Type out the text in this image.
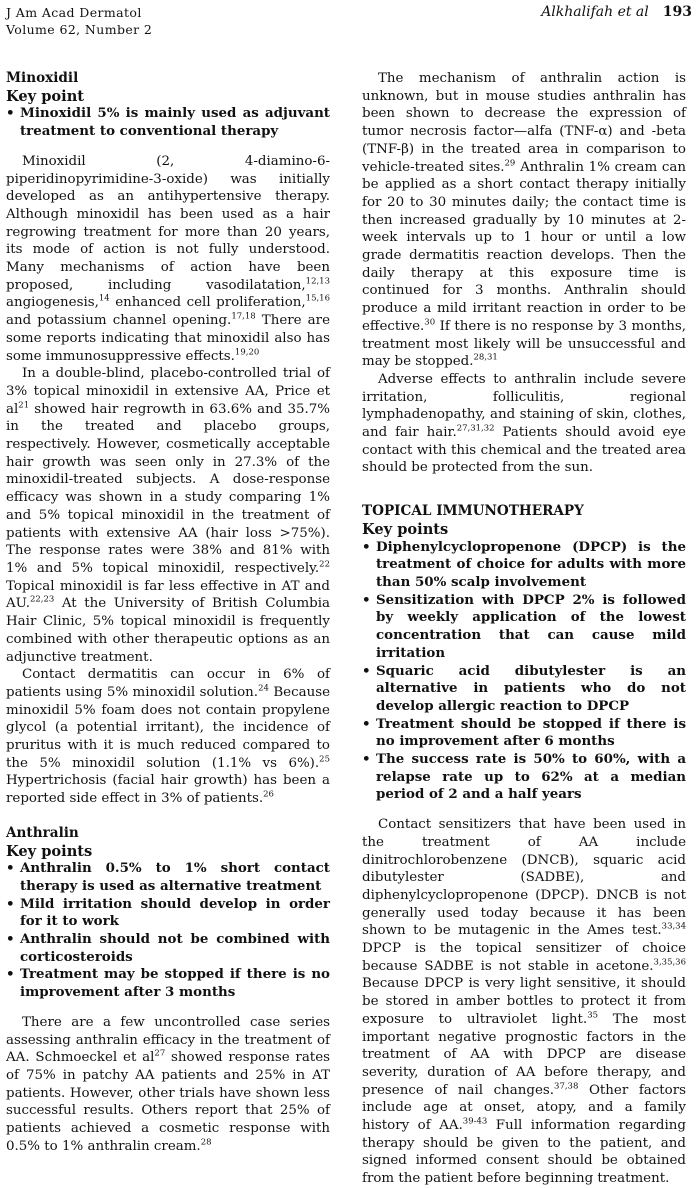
J Am Acad Dermatol
Volume 62, Number 2
Alkhalifah et al 193
Minoxidil
Key point
• Minoxidil 5% is mainly used as adjuvant treatment to conventional therapy

Minoxidil (2, 4-diamino-6-piperidinopyrimidine-3-oxide) was initially developed as an antihypertensive therapy. Although minoxidil has been used as a hair regrowing treatment for more than 20 years, its mode of action is not fully understood. Many mechanisms of action have been proposed, including vasodilatation,$^{12,13}$ angiogenesis,$^{14}$ enhanced cell proliferation,$^{15,16}$ and potassium channel opening.$^{17,18}$ There are some reports indicating that minoxidil also has some immunosuppressive effects.$^{19,20}$

In a double-blind, placebo-controlled trial of 3% topical minoxidil in extensive AA, Price et $al^{21}$ showed hair regrowth in 63.6% and 35.7% in the treated and placebo groups, respectively. However, cosmetically acceptable hair growth was seen only in 27.3% of the minoxidil-treated subjects. A dose-response efficacy was shown in a study comparing 1% and 5% topical minoxidil in the treatment of patients with extensive AA (hair loss >75%). The response rates were 38% and 81% with 1% and 5% topical minoxidil, respectively.$^{22}$ Topical minoxidil is far less effective in AT and AU.$^{22,23}$ At the University of British Columbia Hair Clinic, 5% topical minoxidil is frequently combined with other therapeutic options as an adjunctive treatment.

Contact dermatitis can occur in 6% of patients using 5% minoxidil solution.$^{24}$ Because minoxidil 5% foam does not contain propylene glycol (a potential irritant), the incidence of pruritus with it is much reduced compared to the 5% minoxidil solution (1.1% vs 6%).$^{25}$ Hypertrichosis (facial hair growth) has been a reported side effect in 3% of patients.$^{26}$

Anthralin
Key points
• Anthralin 0.5% to 1% short contact therapy is used as alternative treatment
• Mild irritation should develop in order for it to work
• Anthralin should not be combined with corticosteroids
• Treatment may be stopped if there is no improvement after 3 months

There are a few uncontrolled case series assessing anthralin efficacy in the treatment of AA. Schmoeckel et $al^{27}$ showed response rates of 75% in patchy AA patients and 25% in AT patients. However, other trials have shown less successful results. Others report that 25% of patients achieved a cosmetic response with 0.5% to 1% anthralin cream.$^{28}$

The mechanism of anthralin action is unknown, but in mouse studies anthralin has been shown to decrease the expression of tumor necrosis factor—alfa (TNF-α) and -beta (TNF-β) in the treated area in comparison to vehicle-treated sites.$^{29}$ Anthralin 1% cream can be applied as a short contact therapy initially for 20 to 30 minutes daily; the contact time is then increased gradually by 10 minutes at 2-week intervals up to 1 hour or until a low grade dermatitis reaction develops. Then the daily therapy at this exposure time is continued for 3 months. Anthralin should produce a mild irritant reaction in order to be effective.$^{30}$ If there is no response by 3 months, treatment most likely will be unsuccessful and may be stopped.$^{28,31}$

Adverse effects to anthralin include severe irritation, folliculitis, regional lymphadenopathy, and staining of skin, clothes, and fair hair.$^{27,31,32}$ Patients should avoid eye contact with this chemical and the treated area should be protected from the sun.

TOPICAL IMMUNOTHERAPY
Key points
• Diphenylcyclopropenone (DPCP) is the treatment of choice for adults with more than 50% scalp involvement
• Sensitization with DPCP 2% is followed by weekly application of the lowest concentration that can cause mild irritation
• Squaric acid dibutylester is an alternative in patients who do not develop allergic reaction to DPCP
• Treatment should be stopped if there is no improvement after 6 months
• The success rate is 50% to 60%, with a relapse rate up to 62% at a median period of 2 and a half years

Contact sensitizers that have been used in the treatment of AA include dinitrochlorobenzene (DNCB), squaric acid dibutylester (SADBE), and diphenylcyclopropenone (DPCP). DNCB is not generally used today because it has been shown to be mutagenic in the Ames test.$^{33,34}$ DPCP is the topical sensitizer of choice because SADBE is not stable in acetone.$^{3,35,36}$ Because DPCP is very light sensitive, it should be stored in amber bottles to protect it from exposure to ultraviolet light.$^{35}$ The most important negative prognostic factors in the treatment of AA with DPCP are disease severity, duration of AA before therapy, and presence of nail changes.$^{37,38}$ Other factors include age at onset, atopy, and a family history of AA.$^{39-43}$ Full information regarding therapy should be given to the patient, and signed informed consent should be obtained from the patient before beginning treatment.
